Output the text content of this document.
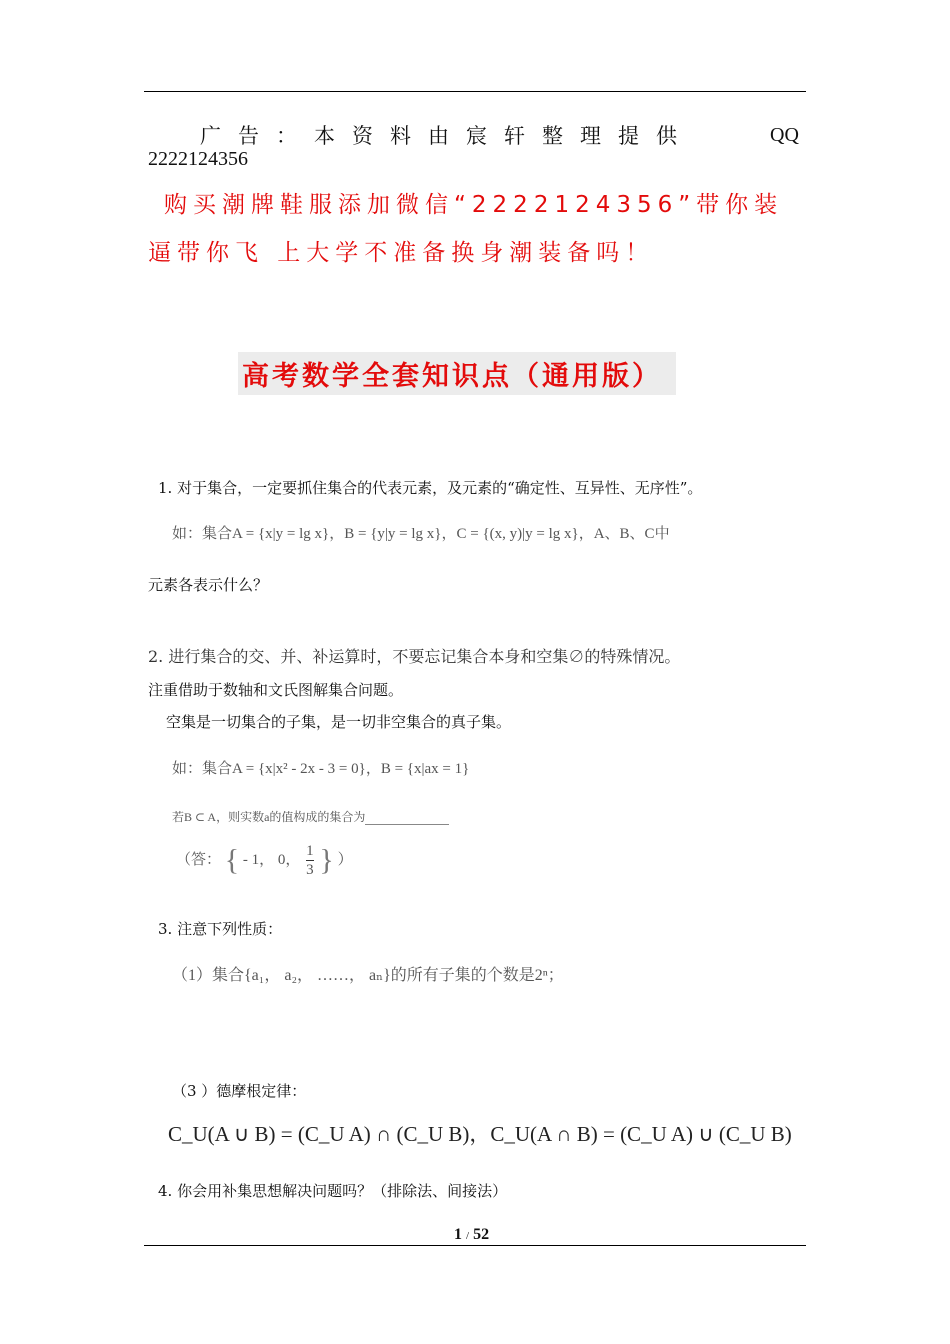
广告：本资料由宸轩整理提供	QQ
2222124356
购买潮牌鞋服添加微信“2222124356”带你装
逼带你飞 上大学不准备换身潮装备吗！
高考数学全套知识点（通用版）
1. 对于集合，一定要抓住集合的代表元素，及元素的“确定性、互异性、无序性”。
如：集合A = {x|y = lg x}，B = {y|y = lg x}，C = {(x, y)|y = lg x}，A、B、C中
元素各表示什么？
2. 进行集合的交、并、补运算时，不要忘记集合本身和空集∅的特殊情况。
注重借助于数轴和文氏图解集合问题。
空集是一切集合的子集，是一切非空集合的真子集。
如：集合A = {x|x² - 2x - 3 = 0}，B = {x|ax = 1}
若B ⊂ A，则实数a的值构成的集合为
（答： { - 1， 0， $\frac{1}{3}$ } ）
3. 注意下列性质：
（1）集合{a₁， a₂， ……， aₙ}的所有子集的个数是2ⁿ；
（3 ）德摩根定律：
C_U(A ∪ B) = (C_U A) ∩ (C_U B)，C_U(A ∩ B) = (C_U A) ∪ (C_U B)
4. 你会用补集思想解决问题吗？（排除法、间接法）
1 / 52
